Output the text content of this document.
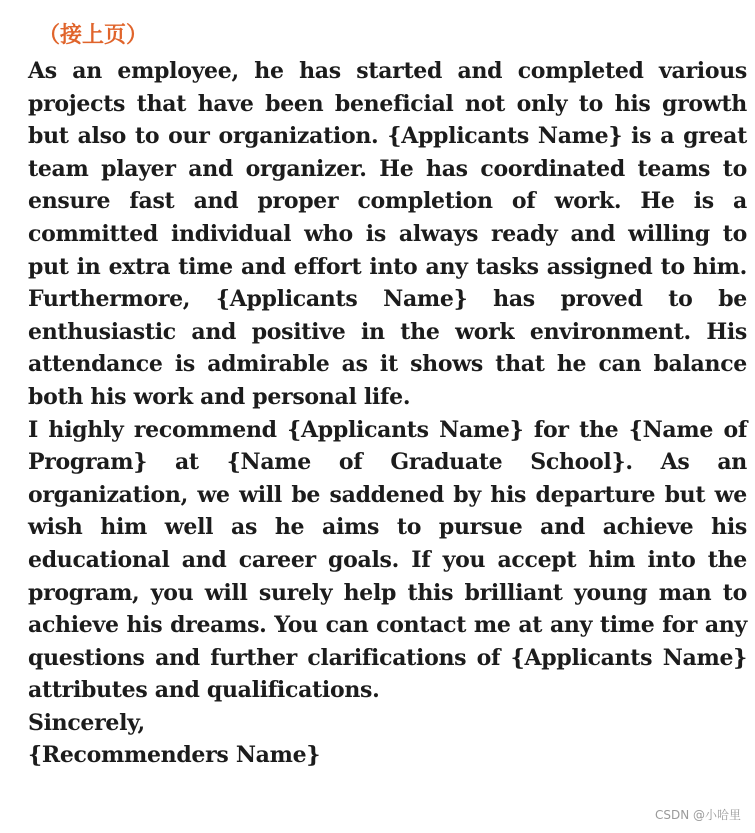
（接上页）

As an employee, he has started and completed various projects that have been beneficial not only to his growth but also to our organization. {Applicants Name} is a great team player and organizer. He has coordinated teams to ensure fast and proper completion of work. He is a committed individual who is always ready and willing to put in extra time and effort into any tasks assigned to him. Furthermore, {Applicants Name} has proved to be enthusiastic and positive in the work environment. His attendance is admirable as it shows that he can balance both his work and personal life.

I highly recommend {Applicants Name} for the {Name of Program} at {Name of Graduate School}. As an organization, we will be saddened by his departure but we wish him well as he aims to pursue and achieve his educational and career goals. If you accept him into the program, you will surely help this brilliant young man to achieve his dreams. You can contact me at any time for any questions and further clarifications of {Applicants Name} attributes and qualifications.

Sincerely,

{Recommenders Name}

CSDN @小哈里
